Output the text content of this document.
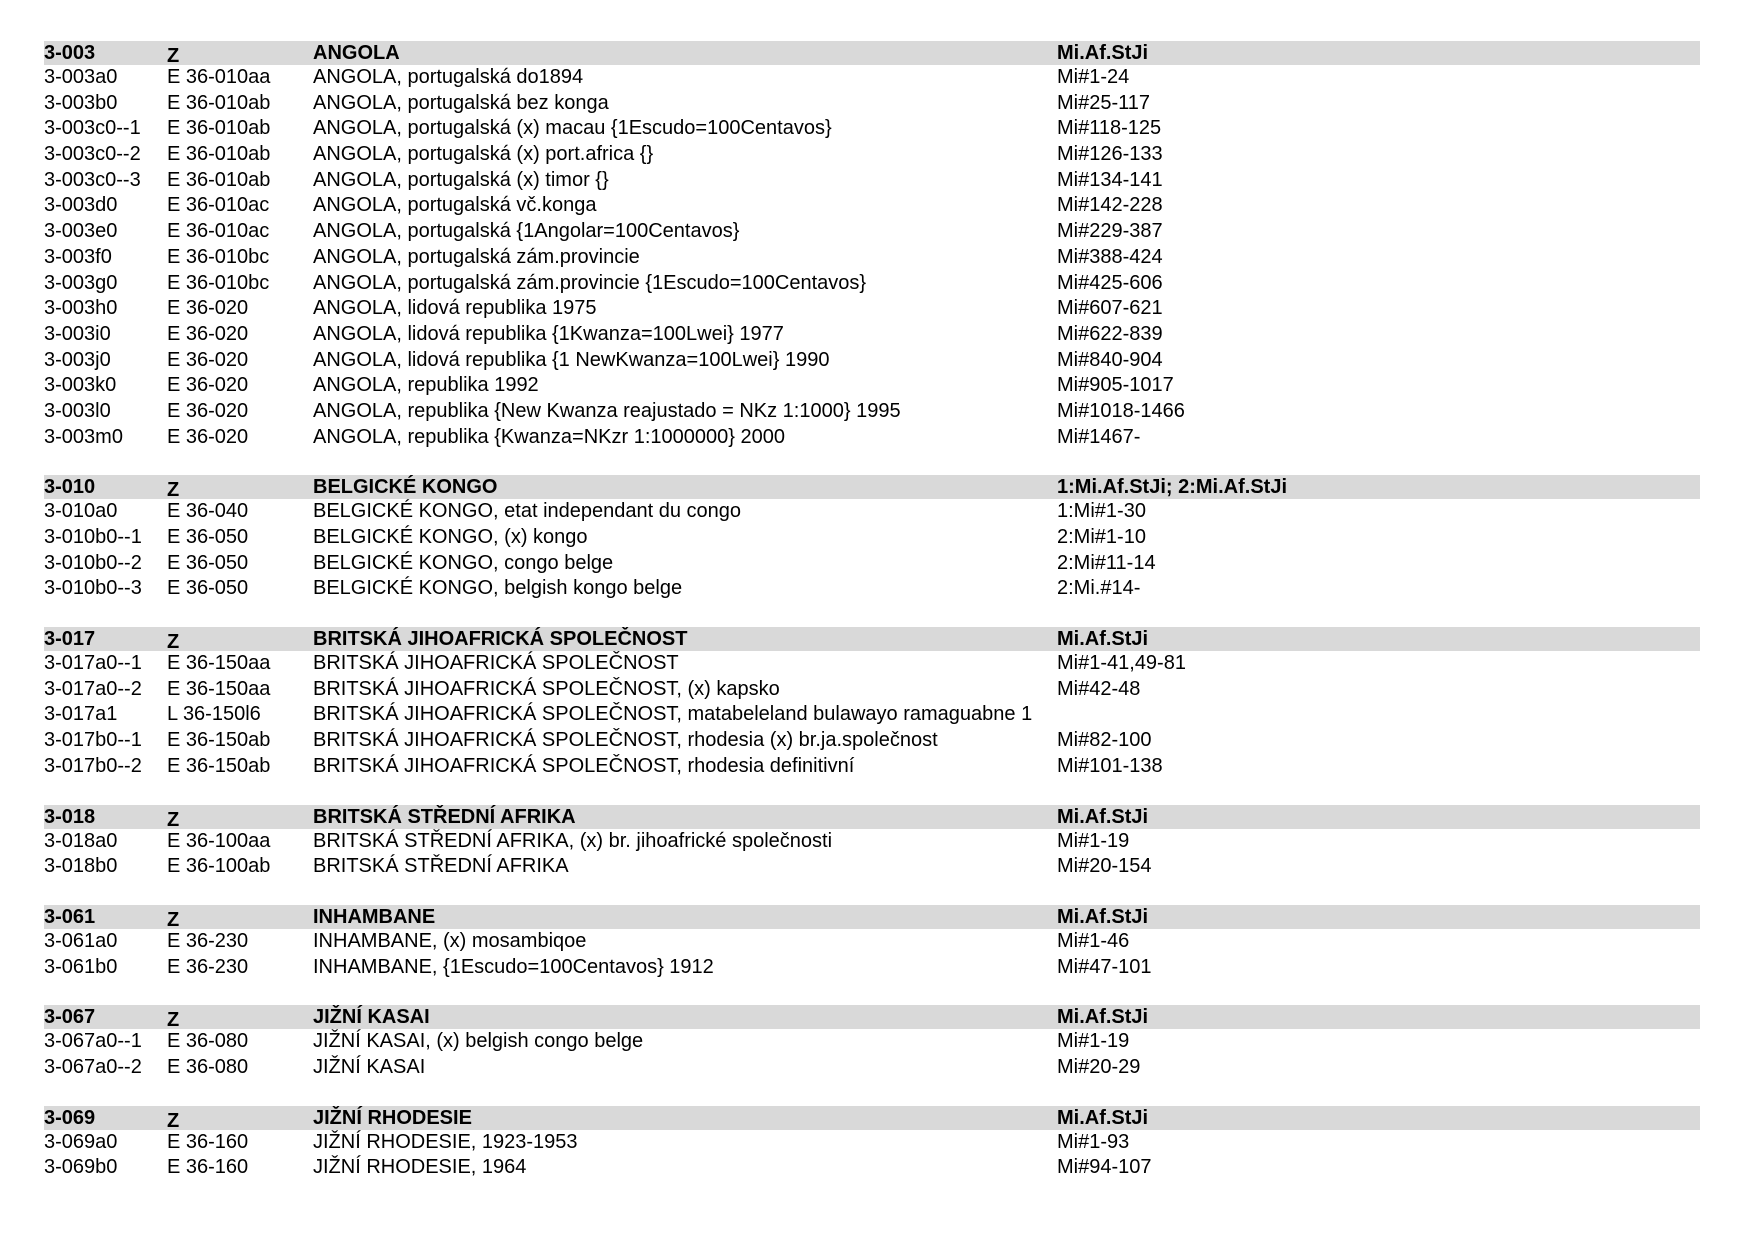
3-003	Z	ANGOLA	Mi.Af.StJi
3-003a0	E 36-010aa	ANGOLA, portugalská do1894	Mi#1-24
3-003b0	E 36-010ab	ANGOLA, portugalská bez konga	Mi#25-117
3-003c0--1	E 36-010ab	ANGOLA, portugalská (x) macau {1Escudo=100Centavos}	Mi#118-125
3-003c0--2	E 36-010ab	ANGOLA, portugalská (x) port.africa {}	Mi#126-133
3-003c0--3	E 36-010ab	ANGOLA, portugalská (x) timor {}	Mi#134-141
3-003d0	E 36-010ac	ANGOLA, portugalská vč.konga	Mi#142-228
3-003e0	E 36-010ac	ANGOLA, portugalská {1Angolar=100Centavos}	Mi#229-387
3-003f0	E 36-010bc	ANGOLA, portugalská zám.provincie	Mi#388-424
3-003g0	E 36-010bc	ANGOLA, portugalská zám.provincie {1Escudo=100Centavos}	Mi#425-606
3-003h0	E 36-020	ANGOLA, lidová republika 1975	Mi#607-621
3-003i0	E 36-020	ANGOLA, lidová republika {1Kwanza=100Lwei} 1977	Mi#622-839
3-003j0	E 36-020	ANGOLA, lidová republika {1 NewKwanza=100Lwei} 1990	Mi#840-904
3-003k0	E 36-020	ANGOLA, republika 1992	Mi#905-1017
3-003l0	E 36-020	ANGOLA, republika {New Kwanza reajustado = NKz 1:1000} 1995	Mi#1018-1466
3-003m0	E 36-020	ANGOLA, republika {Kwanza=NKzr 1:1000000} 2000	Mi#1467-
3-010	Z	BELGICKÉ KONGO	1:Mi.Af.StJi; 2:Mi.Af.StJi
3-010a0	E 36-040	BELGICKÉ KONGO, etat independant du congo	1:Mi#1-30
3-010b0--1	E 36-050	BELGICKÉ KONGO, (x) kongo	2:Mi#1-10
3-010b0--2	E 36-050	BELGICKÉ KONGO, congo belge	2:Mi#11-14
3-010b0--3	E 36-050	BELGICKÉ KONGO, belgish kongo belge	2:Mi.#14-
3-017	Z	BRITSKÁ JIHOAFRICKÁ SPOLEČNOST	Mi.Af.StJi
3-017a0--1	E 36-150aa	BRITSKÁ JIHOAFRICKÁ SPOLEČNOST	Mi#1-41,49-81
3-017a0--2	E 36-150aa	BRITSKÁ JIHOAFRICKÁ SPOLEČNOST, (x) kapsko	Mi#42-48
3-017a1	L 36-150l6	BRITSKÁ JIHOAFRICKÁ SPOLEČNOST, matabeleland bulawayo ramaguabne 1
3-017b0--1	E 36-150ab	BRITSKÁ JIHOAFRICKÁ SPOLEČNOST, rhodesia (x) br.ja.společnost	Mi#82-100
3-017b0--2	E 36-150ab	BRITSKÁ JIHOAFRICKÁ SPOLEČNOST, rhodesia definitivní	Mi#101-138
3-018	Z	BRITSKÁ STŘEDNÍ AFRIKA	Mi.Af.StJi
3-018a0	E 36-100aa	BRITSKÁ STŘEDNÍ AFRIKA, (x) br. jihoafrické společnosti	Mi#1-19
3-018b0	E 36-100ab	BRITSKÁ STŘEDNÍ AFRIKA	Mi#20-154
3-061	Z	INHAMBANE	Mi.Af.StJi
3-061a0	E 36-230	INHAMBANE, (x) mosambiqoe	Mi#1-46
3-061b0	E 36-230	INHAMBANE, {1Escudo=100Centavos} 1912	Mi#47-101
3-067	Z	JIŽNÍ KASAI	Mi.Af.StJi
3-067a0--1	E 36-080	JIŽNÍ KASAI, (x) belgish congo belge	Mi#1-19
3-067a0--2	E 36-080	JIŽNÍ KASAI	Mi#20-29
3-069	Z	JIŽNÍ RHODESIE	Mi.Af.StJi
3-069a0	E 36-160	JIŽNÍ RHODESIE, 1923-1953	Mi#1-93
3-069b0	E 36-160	JIŽNÍ RHODESIE, 1964	Mi#94-107
